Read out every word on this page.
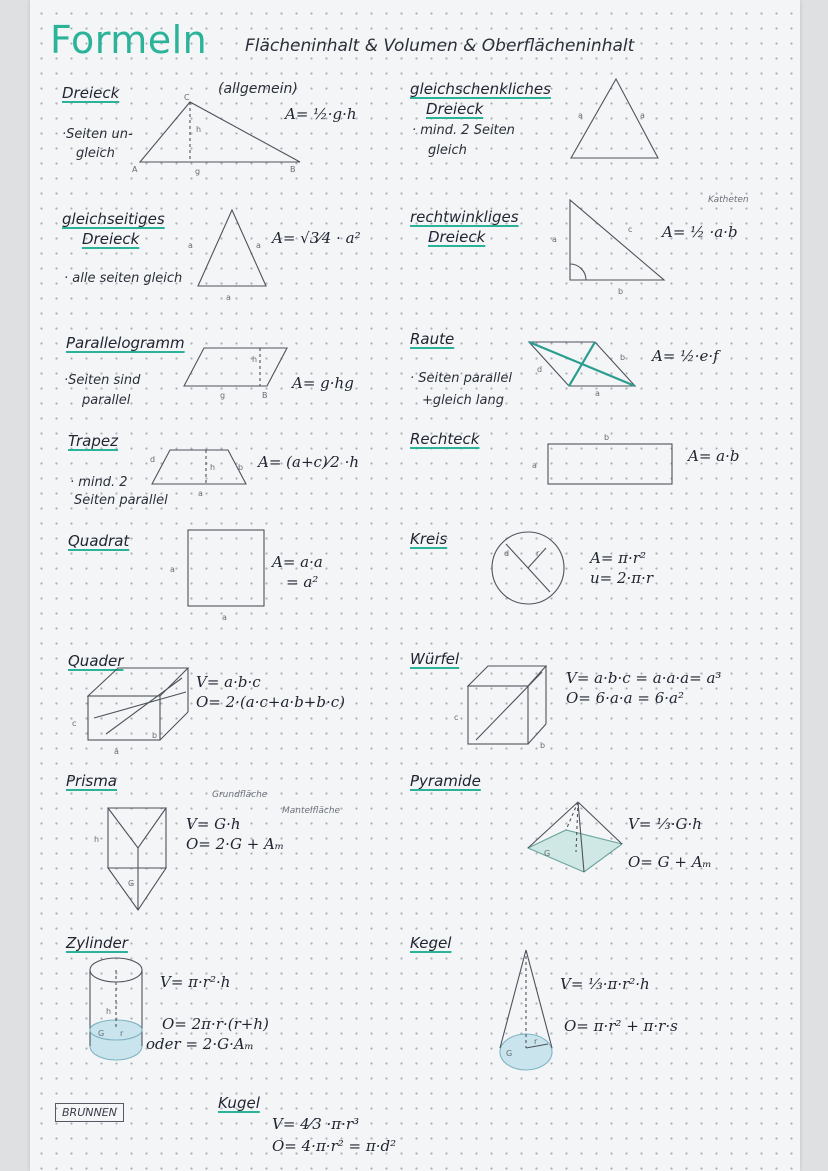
Formeln Flächeninhalt & Volumen & Oberflächeninhalt
Dreieck	(allgemein)
·Seiten un-
gleich
A= ½·g·h
C
h
g	B
A
gleichschenkliches
Dreieck
· mind. 2 Seiten
gleich
a	a
gleichseitiges
Dreieck
· alle seiten gleich
A= √3⁄4 · a²
a	a
a
rechtwinkliges
Dreieck
Katheten
A= ½ ·a·b
a
c
b
Parallelogramm
·Seiten sind
parallel
A= g·hg
h
g	B
Raute
· Seiten parallel
+gleich lang
A= ½·e·f
b
d
a
Trapez
· mind. 2
Seiten parallel
A= (a+c)⁄2 ·h
h
a
d
b
Rechteck
A= a·b
a
b
Quadrat
A= a·a
= a²
a
a
Kreis
A= π·r²
u= 2·π·r
d	r
Quader
V= a·b·c
O= 2·(a·c+a·b+b·c)
c
b
a
Würfel
V= a·b·c = a·a·a= a³
O= 6·a·a = 6·a²
c
b
Prisma
Grundfläche
Mantelfläche
V= G·h
O= 2·G + Aₘ
h
G
Pyramide
V= ⅓·G·h
O= G + Aₘ
G
Zylinder
V= π·r²·h
O= 2π·r·(r+h)
oder = 2·G·Aₘ
h
G r
Kegel
V= ⅓·π·r²·h
O= π·r² + π·r·s
G
r
Kugel
V= 4⁄3 ·π·r³
O= 4·π·r² = π·d²
BRUNNEN
